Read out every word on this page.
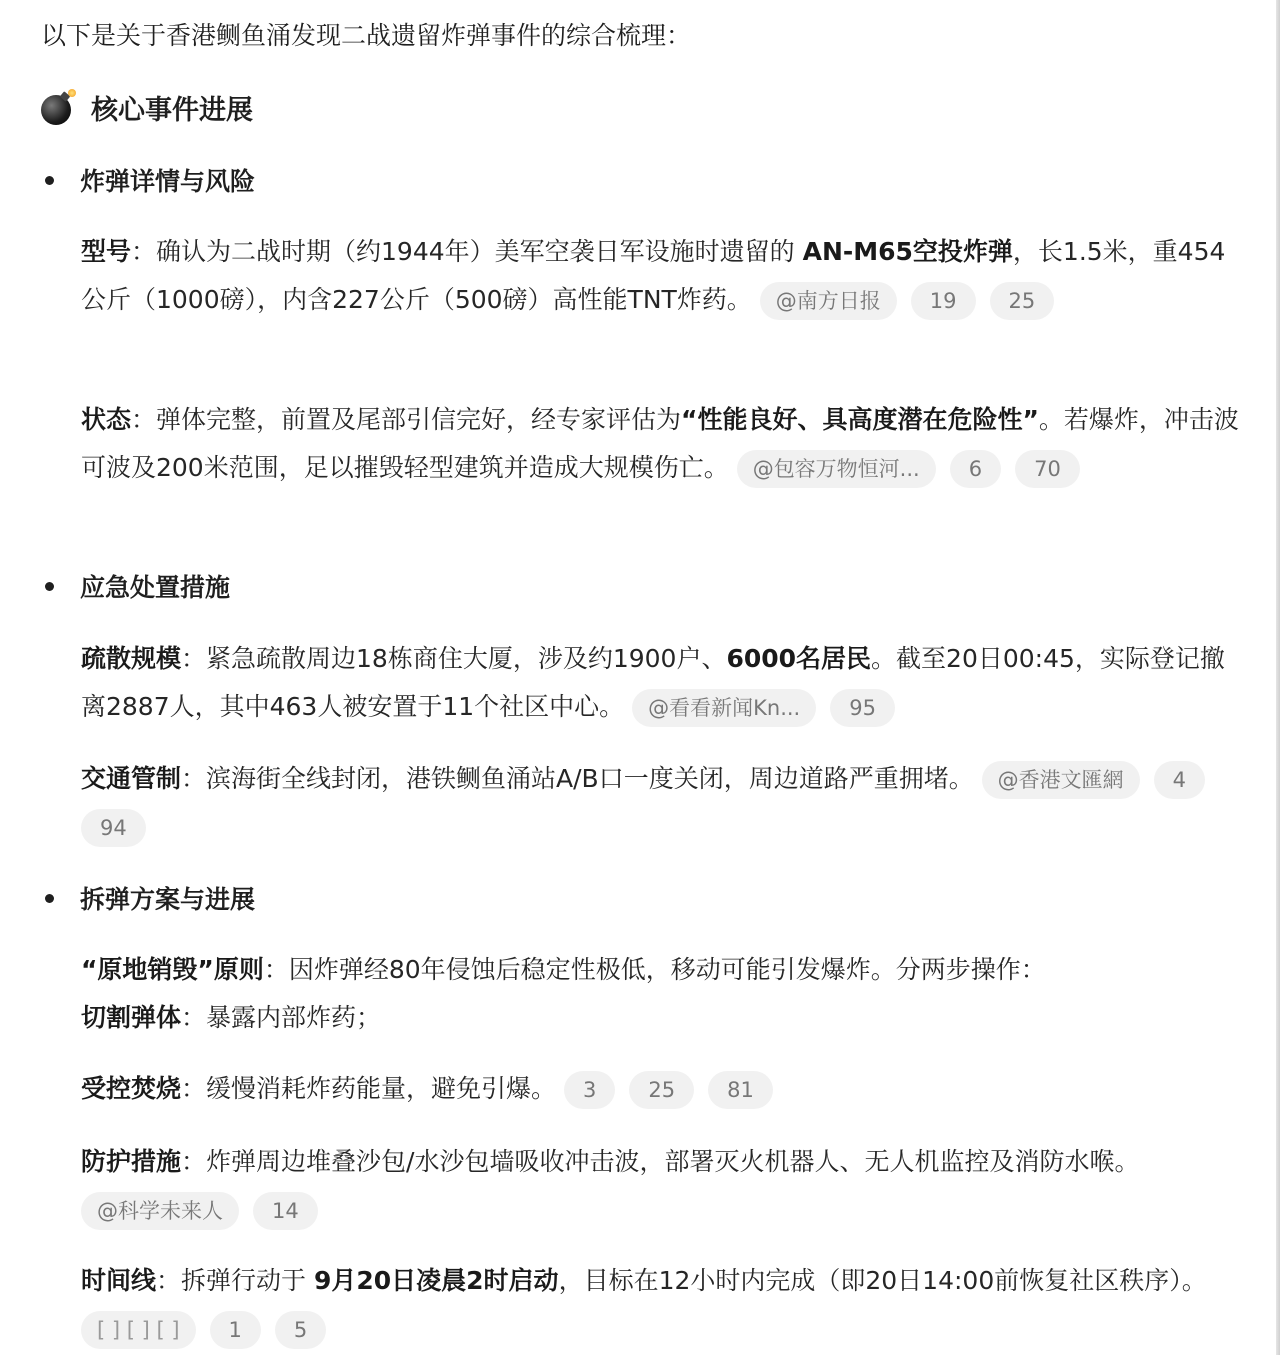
以下是关于香港鲗鱼涌发现二战遗留炸弹事件的综合梳理：
核心事件进展
炸弹详情与风险
型号：确认为二战时期（约1944年）美军空袭日军设施时遗留的 AN-M65空投炸弹，长1.5米，重454公斤（1000磅），内含227公斤（500磅）高性能TNT炸药。 @南方日报 19 25
状态：弹体完整，前置及尾部引信完好，经专家评估为“性能良好、具高度潜在危险性”。若爆炸，冲击波可波及200米范围，足以摧毁轻型建筑并造成大规模伤亡。 @包容万物恒河... 6 70
应急处置措施
疏散规模：紧急疏散周边18栋商住大厦，涉及约1900户、6000名居民。截至20日00:45，实际登记撤离2887人，其中463人被安置于11个社区中心。 @看看新闻Kn... 95
交通管制：滨海街全线封闭，港铁鲗鱼涌站A/B口一度关闭，周边道路严重拥堵。 @香港文匯網 494
拆弹方案与进展
“原地销毁”原则：因炸弹经80年侵蚀后稳定性极低，移动可能引发爆炸。分两步操作：
切割弹体：暴露内部炸药；
受控焚烧：缓慢消耗炸药能量，避免引爆。 3 25 81
防护措施：炸弹周边堆叠沙包/水沙包墙吸收冲击波，部署灭火机器人、无人机监控及消防水喉。 @科学未来人 14
时间线：拆弹行动于 9月20日凌晨2时启动，目标在12小时内完成（即20日14:00前恢复社区秩序）。 [ ] [ ] [ ] 1 5
